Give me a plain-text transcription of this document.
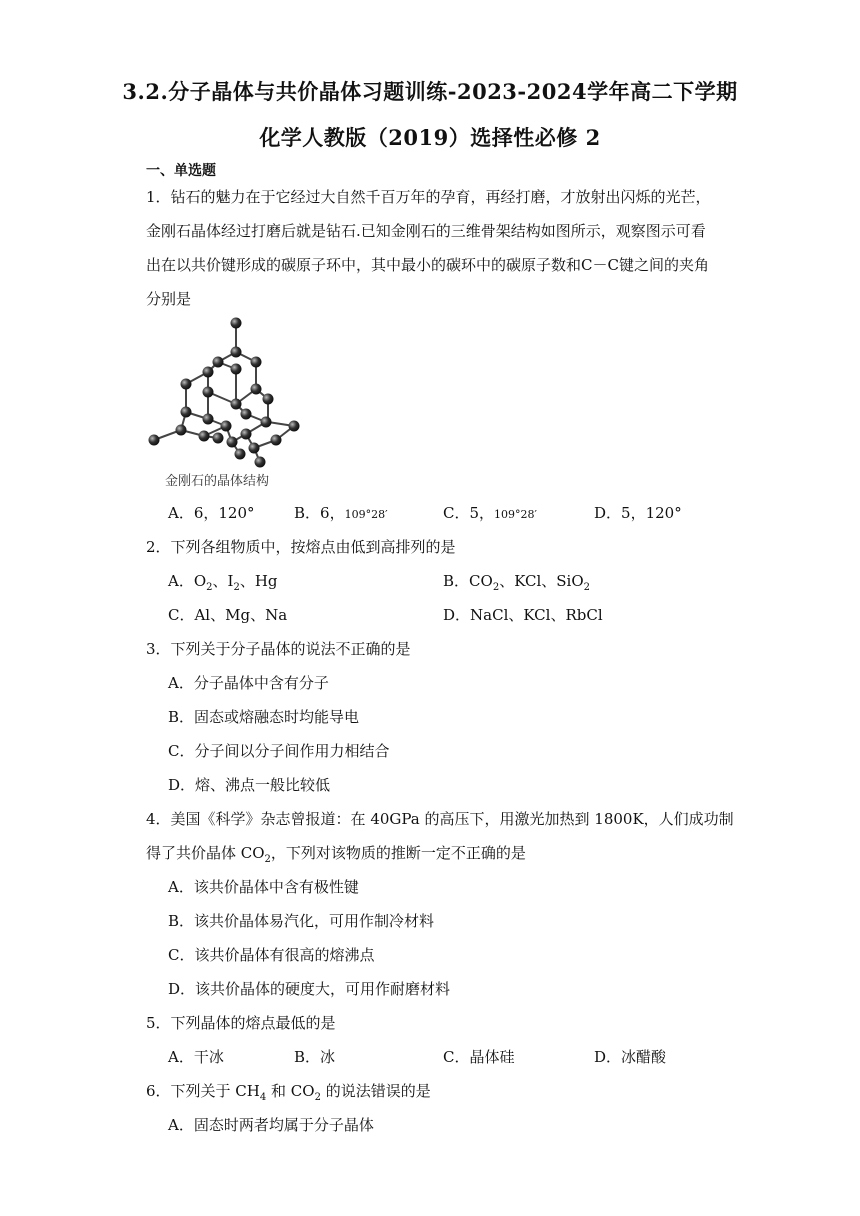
3.2.分子晶体与共价晶体习题训练-2023-2024学年高二下学期
化学人教版（2019）选择性必修 2
一、单选题
1．钻石的魅力在于它经过大自然千百万年的孕育，再经打磨，才放射出闪烁的光芒，
金刚石晶体经过打磨后就是钻石.已知金刚石的三维骨架结构如图所示，观察图示可看
出在以共价键形成的碳原子环中，其中最小的碳环中的碳原子数和C－C键之间的夹角
分别是
金刚石的晶体结构
A．6，120°	B．6，109°28′	C．5，109°28′	D．5，120°
2．下列各组物质中，按熔点由低到高排列的是
A．$O_2$、$I_2$、Hg	B．$CO_2$、KCl、SiO$_2$
C．Al、Mg、Na	D．NaCl、KCl、RbCl
3．下列关于分子晶体的说法不正确的是
A．分子晶体中含有分子
B．固态或熔融态时均能导电
C．分子间以分子间作用力相结合
D．熔、沸点一般比较低
4．美国《科学》杂志曾报道：在 40GPa 的高压下，用激光加热到 1800K，人们成功制
得了共价晶体 $CO_2$，下列对该物质的推断一定不正确的是
A．该共价晶体中含有极性键
B．该共价晶体易汽化，可用作制冷材料
C．该共价晶体有很高的熔沸点
D．该共价晶体的硬度大，可用作耐磨材料
5．下列晶体的熔点最低的是
A．干冰	B．冰	C．晶体硅	D．冰醋酸
6．下列关于 $CH_4$ 和 $CO_2$ 的说法错误的是
A．固态时两者均属于分子晶体
